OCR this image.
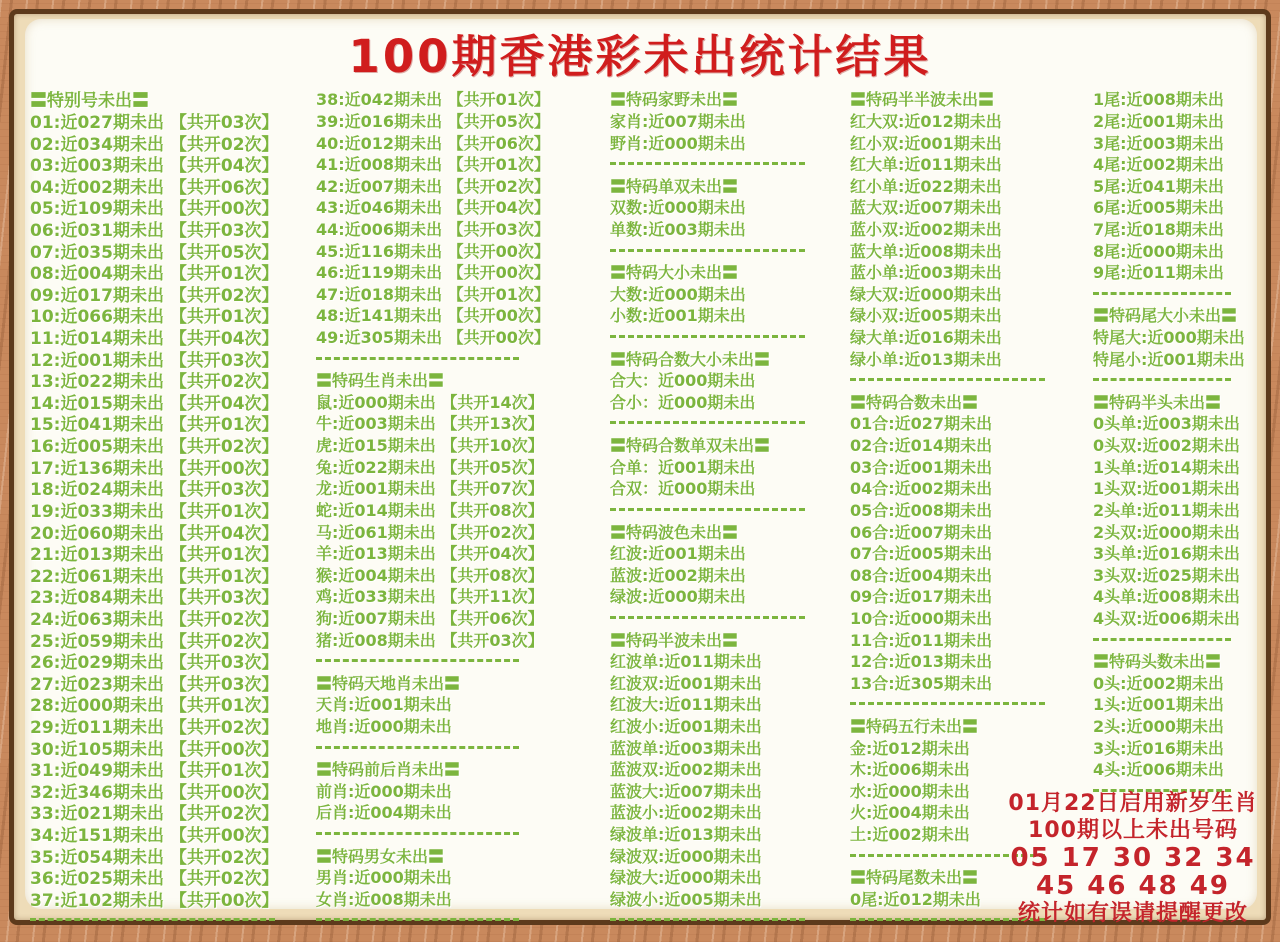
100期香港彩未出统计结果
〓特别号未出〓
01:近027期未出 【共开03次】
02:近034期未出 【共开02次】
03:近003期未出 【共开04次】
04:近002期未出 【共开06次】
05:近109期未出 【共开00次】
06:近031期未出 【共开03次】
07:近035期未出 【共开05次】
08:近004期未出 【共开01次】
09:近017期未出 【共开02次】
10:近066期未出 【共开01次】
11:近014期未出 【共开04次】
12:近001期未出 【共开03次】
13:近022期未出 【共开02次】
14:近015期未出 【共开04次】
15:近041期未出 【共开01次】
16:近005期未出 【共开02次】
17:近136期未出 【共开00次】
18:近024期未出 【共开03次】
19:近033期未出 【共开01次】
20:近060期未出 【共开04次】
21:近013期未出 【共开01次】
22:近061期未出 【共开01次】
23:近084期未出 【共开03次】
24:近063期未出 【共开02次】
25:近059期未出 【共开02次】
26:近029期未出 【共开03次】
27:近023期未出 【共开03次】
28:近000期未出 【共开01次】
29:近011期未出 【共开02次】
30:近105期未出 【共开00次】
31:近049期未出 【共开01次】
32:近346期未出 【共开00次】
33:近021期未出 【共开02次】
34:近151期未出 【共开00次】
35:近054期未出 【共开02次】
36:近025期未出 【共开02次】
37:近102期未出 【共开00次】
38:近042期未出 【共开01次】
39:近016期未出 【共开05次】
40:近012期未出 【共开06次】
41:近008期未出 【共开01次】
42:近007期未出 【共开02次】
43:近046期未出 【共开04次】
44:近006期未出 【共开03次】
45:近116期未出 【共开00次】
46:近119期未出 【共开00次】
47:近018期未出 【共开01次】
48:近141期未出 【共开00次】
49:近305期未出 【共开00次】
〓特码生肖未出〓
鼠:近000期未出 【共开14次】
牛:近003期未出 【共开13次】
虎:近015期未出 【共开10次】
兔:近022期未出 【共开05次】
龙:近001期未出 【共开07次】
蛇:近014期未出 【共开08次】
马:近061期未出 【共开02次】
羊:近013期未出 【共开04次】
猴:近004期未出 【共开08次】
鸡:近033期未出 【共开11次】
狗:近007期未出 【共开06次】
猪:近008期未出 【共开03次】
〓特码天地肖未出〓
天肖:近001期未出
地肖:近000期未出
〓特码前后肖未出〓
前肖:近000期未出
后肖:近004期未出
〓特码男女未出〓
男肖:近000期未出
女肖:近008期未出
〓特码家野未出〓
家肖:近007期未出
野肖:近000期未出
〓特码单双未出〓
双数:近000期未出
单数:近003期未出
〓特码大小未出〓
大数:近000期未出
小数:近001期未出
〓特码合数大小未出〓
合大：近000期未出
合小：近000期未出
〓特码合数单双未出〓
合单：近001期未出
合双：近000期未出
〓特码波色未出〓
红波:近001期未出
蓝波:近002期未出
绿波:近000期未出
〓特码半波未出〓
红波单:近011期未出
红波双:近001期未出
红波大:近011期未出
红波小:近001期未出
蓝波单:近003期未出
蓝波双:近002期未出
蓝波大:近007期未出
蓝波小:近002期未出
绿波单:近013期未出
绿波双:近000期未出
绿波大:近000期未出
绿波小:近005期未出
〓特码半半波未出〓
红大双:近012期未出
红小双:近001期未出
红大单:近011期未出
红小单:近022期未出
蓝大双:近007期未出
蓝小双:近002期未出
蓝大单:近008期未出
蓝小单:近003期未出
绿大双:近000期未出
绿小双:近005期未出
绿大单:近016期未出
绿小单:近013期未出
〓特码合数未出〓
01合:近027期未出
02合:近014期未出
03合:近001期未出
04合:近002期未出
05合:近008期未出
06合:近007期未出
07合:近005期未出
08合:近004期未出
09合:近017期未出
10合:近000期未出
11合:近011期未出
12合:近013期未出
13合:近305期未出
〓特码五行未出〓
金:近012期未出
木:近006期未出
水:近000期未出
火:近004期未出
土:近002期未出
〓特码尾数未出〓
0尾:近012期未出
1尾:近008期未出
2尾:近001期未出
3尾:近003期未出
4尾:近002期未出
5尾:近041期未出
6尾:近005期未出
7尾:近018期未出
8尾:近000期未出
9尾:近011期未出
〓特码尾大小未出〓
特尾大:近000期未出
特尾小:近001期未出
〓特码半头未出〓
0头单:近003期未出
0头双:近002期未出
1头单:近014期未出
1头双:近001期未出
2头单:近011期未出
2头双:近000期未出
3头单:近016期未出
3头双:近025期未出
4头单:近008期未出
4头双:近006期未出
〓特码头数未出〓
0头:近002期未出
1头:近001期未出
2头:近000期未出
3头:近016期未出
4头:近006期未出
01月22日启用新岁生肖
100期以上未出号码
05 17 30 32 34
45 46 48 49
统计如有误请提醒更改
